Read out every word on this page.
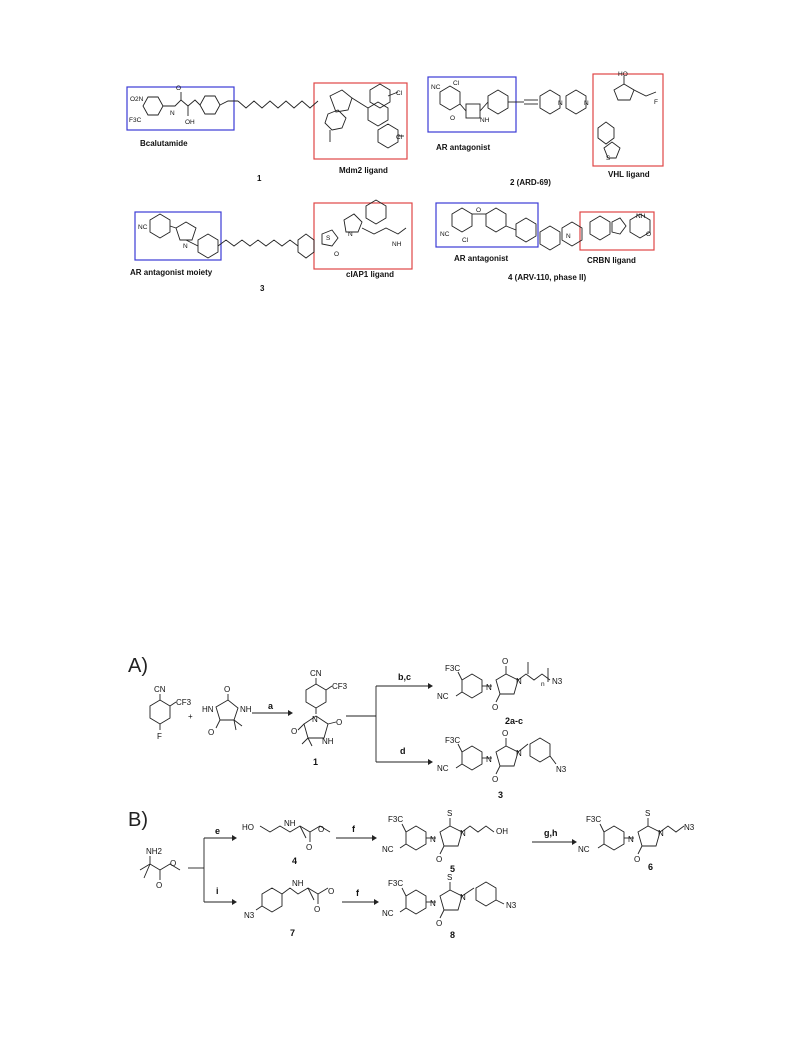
O2N
F3C
N
O
OH
Cl
Cl
Bcalutamide
Mdm2 ligand
1
NC
Cl
O	NH
N	N
HO
F
S
AR antagonist
VHL ligand
2 (ARD-69)
NC
N
O
S
N
NH
AR antagonist moiety	cIAP1 ligand
3
NC
Cl
O
N
NH
O
AR antagonist	CRBN ligand
4 (ARV-110, phase II)
A)
CN
CF3
F
+
HN
O
NH
O
a
CN
CF3
N O
NH
O
1
b,c
d
F3C
NC
N
O
N	n N3
O
2a-c
F3C
NC
N
O
N
N3
O
3
B)
NH2
O
O
e
i
HO	NH
O
O
4
f
F3C
NC
N
S
N	OH
O
5
g,h
F3C
NC
N
S
N
N3
O
6
N3
NH
O
O
7
f
F3C
NC
N
S
N
N3
O
8
